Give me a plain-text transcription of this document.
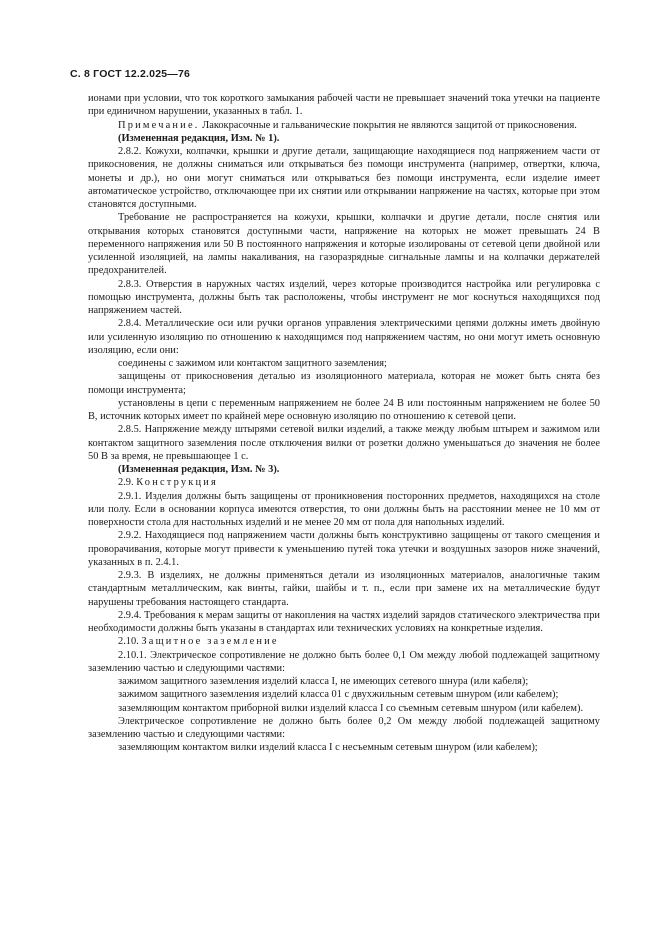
С. 8 ГОСТ 12.2.025—76

ионами при условии, что ток короткого замыкания рабочей части не превышает значений тока утечки на пациенте при единичном нарушении, указанных в табл. 1.

Примечание. Лакокрасочные и гальванические покрытия не являются защитой от прикосновения.

(Измененная редакция, Изм. № 1).

2.8.2. Кожухи, колпачки, крышки и другие детали, защищающие находящиеся под напряжением части от прикосновения, не должны сниматься или открываться без помощи инструмента (например, отвертки, ключа, монеты и др.), но они могут сниматься или открываться без помощи инструмента, если изделие имеет автоматическое устройство, отключающее при их снятии или открывании напряжение на частях, которые при этом становятся доступными.

Требование не распространяется на кожухи, крышки, колпачки и другие детали, после снятия или открывания которых становятся доступными части, напряжение на которых не может превышать 24 В переменного напряжения или 50 В постоянного напряжения и которые изолированы от сетевой цепи двойной или усиленной изоляцией, на лампы накаливания, на газоразрядные сигнальные лампы и на колпачки держателей предохранителей.

2.8.3. Отверстия в наружных частях изделий, через которые производится настройка или регулировка с помощью инструмента, должны быть так расположены, чтобы инструмент не мог коснуться находящихся под напряжением частей.

2.8.4. Металлические оси или ручки органов управления электрическими цепями должны иметь двойную или усиленную изоляцию по отношению к находящимся под напряжением частям, но они могут иметь основную изоляцию, если они:

соединены с зажимом или контактом защитного заземления;

защищены от прикосновения деталью из изоляционного материала, которая не может быть снята без помощи инструмента;

установлены в цепи с переменным напряжением не более 24 В или постоянным напряжением не более 50 В, источник которых имеет по крайней мере основную изоляцию по отношению к сетевой цепи.

2.8.5. Напряжение между штырями сетевой вилки изделий, а также между любым штырем и зажимом или контактом защитного заземления после отключения вилки от розетки должно уменьшаться до значения не более 50 В за время, не превышающее 1 с.

(Измененная редакция, Изм. № 3).

2.9. Конструкция

2.9.1. Изделия должны быть защищены от проникновения посторонних предметов, находящихся на столе или полу. Если в основании корпуса имеются отверстия, то они должны быть на расстоянии менее не 10 мм от поверхности стола для настольных изделий и не менее 20 мм от пола для напольных изделий.

2.9.2. Находящиеся под напряжением части должны быть конструктивно защищены от такого смещения и проворачивания, которые могут привести к уменьшению путей тока утечки и воздушных зазоров ниже значений, указанных в п. 2.4.1.

2.9.3. В изделиях, не должны применяться детали из изоляционных материалов, аналогичные таким стандартным металлическим, как винты, гайки, шайбы и т. п., если при замене их на металлические будут нарушены требования настоящего стандарта.

2.9.4. Требования к мерам защиты от накопления на частях изделий зарядов статического электричества при необходимости должны быть указаны в стандартах или технических условиях на конкретные изделия.

2.10. Защитное заземление

2.10.1. Электрическое сопротивление не должно быть более 0,1 Ом между любой подлежащей защитному заземлению частью и следующими частями:

зажимом защитного заземления изделий класса I, не имеющих сетевого шнура (или кабеля);

зажимом защитного заземления изделий класса 01 с двухжильным сетевым шнуром (или кабелем);

заземляющим контактом приборной вилки изделий класса I со съемным сетевым шнуром (или кабелем).

Электрическое сопротивление не должно быть более 0,2 Ом между любой подлежащей защитному заземлению частью и следующими частями:

заземляющим контактом вилки изделий класса I с несъемным сетевым шнуром (или кабелем);
